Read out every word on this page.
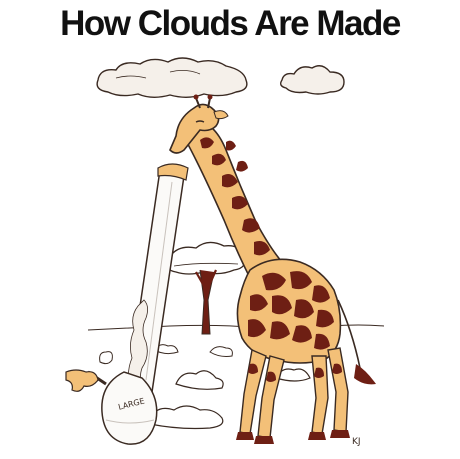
How Clouds Are Made
LARGE
KJ
